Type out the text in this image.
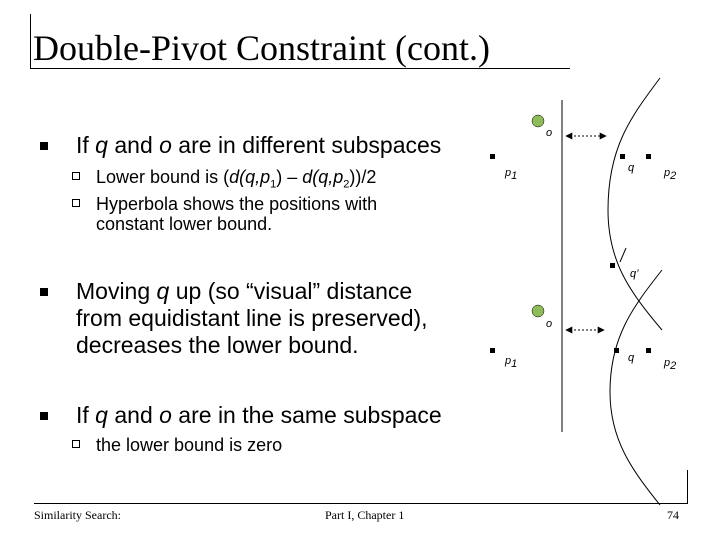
Double-Pivot Constraint (cont.)
If q and o are in different subspaces
Lower bound is $(d(q,p_1) - d(q,p_2))/2$
Hyperbola shows the positions with
constant lower bound.
Moving q up (so “visual” distance
from equidistant line is preserved),
decreases the lower bound.
If q and o are in the same subspace
the lower bound is zero
o
$p_1$
q	$p_2$
q’
o
$p_1$
q	$p_2$
Similarity Search:	Part I, Chapter 1	74
